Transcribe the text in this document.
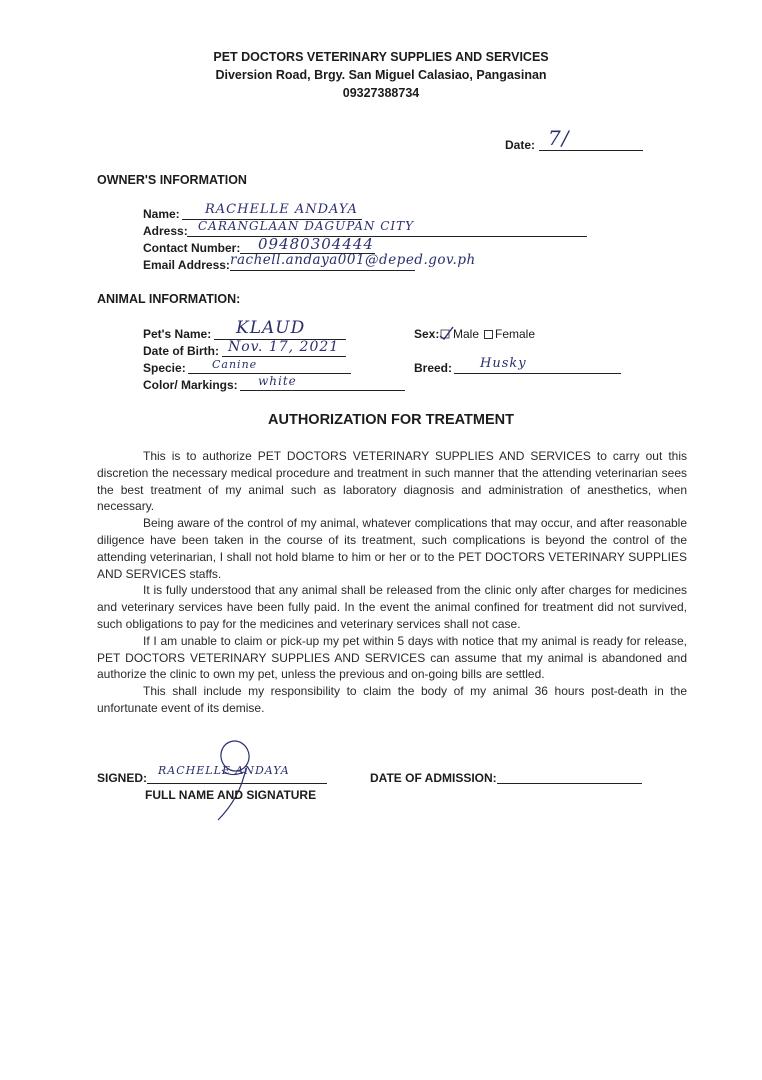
PET DOCTORS VETERINARY SUPPLIES AND SERVICES
Diversion Road, Brgy. San Miguel Calasiao, Pangasinan
09327388734
Date: 7/
OWNER'S INFORMATION
Name: RACHELLE ANDAYA
Adress: CARANGLAAN DAGUPAN CITY
Contact Number: 09480304444
Email Address: rachell.andaya001@deped.gov.ph
ANIMAL INFORMATION:
Pet's Name: KLAUD
Date of Birth: Nov. 17, 2021
Specie: Canine
Color/ Markings: white
Sex: Male Female
Breed: Husky
AUTHORIZATION FOR TREATMENT

This is to authorize PET DOCTORS VETERINARY SUPPLIES AND SERVICES to carry out this discretion the necessary medical procedure and treatment in such manner that the attending veterinarian sees the best treatment of my animal such as laboratory diagnosis and administration of anesthetics, when necessary.

Being aware of the control of my animal, whatever complications that may occur, and after reasonable diligence have been taken in the course of its treatment, such complications is beyond the control of the attending veterinarian, I shall not hold blame to him or her or to the PET DOCTORS VETERINARY SUPPLIES AND SERVICES staffs.

It is fully understood that any animal shall be released from the clinic only after charges for medicines and veterinary services have been fully paid. In the event the animal confined for treatment did not survived, such obligations to pay for the medicines and veterinary services shall not case.

If I am unable to claim or pick-up my pet within 5 days with notice that my animal is ready for release, PET DOCTORS VETERINARY SUPPLIES AND SERVICES can assume that my animal is abandoned and authorize the clinic to own my pet, unless the previous and on-going bills are settled.

This shall include my responsibility to claim the body of my animal 36 hours post-death in the unfortunate event of its demise.

SIGNED:
RACHELLE ANDAYA
FULL NAME AND SIGNATURE
DATE OF ADMISSION:
